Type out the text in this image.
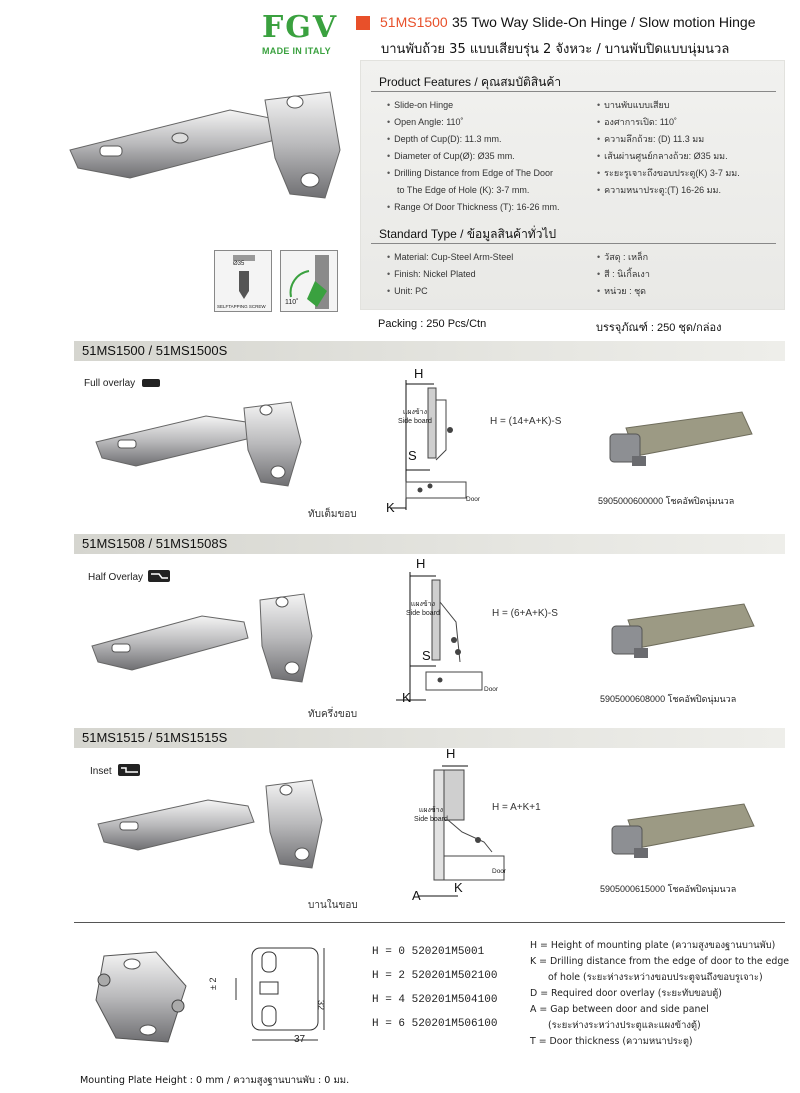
FGV
MADE IN ITALY
Ø35
SELFTAPPING SCREW
110˚
51MS1500 35 Two Way Slide-On Hinge / Slow motion Hinge
บานพับถ้วย 35 แบบเสียบรุ่น 2 จังหวะ / บานพับปิดแบบนุ่มนวล
Product Features / คุณสมบัติสินค้า
• Slide-on Hinge
• Open Angle: 110˚
• Depth of Cup(D): 11.3 mm.
• Diameter of Cup(Ø): Ø35 mm.
• Drilling Distance from Edge of The Door
to The Edge of Hole (K): 3-7 mm.
• Range Of Door Thickness (T): 16-26 mm.
• บานพับแบบเสียบ
• องศาการเปิด: 110˚
• ความลึกถ้วย: (D) 11.3 มม
• เส้นผ่านศูนย์กลางถ้วย: Ø35 มม.
• ระยะรูเจาะถึงขอบประตู(K) 3-7 มม.
• ความหนาประตู:(T) 16-26 มม.
Standard Type / ข้อมูลสินค้าทั่วไป
• Material: Cup-Steel Arm-Steel
• Finish: Nickel Plated
• Unit: PC
• วัสดุ : เหล็ก
• สี : นิเกิ้ลเงา
• หน่วย : ชุด
Packing : 250 Pcs/Ctn	บรรจุภัณฑ์ : 250 ชุด/กล่อง
51MS1500 / 51MS1500S
Full overlay
ทับเต็มขอบ
H
S
K
แผงข้าง
Side board
Door
H = (14+A+K)-S
5905000600000 โชคอัพปิดนุ่มนวล
51MS1508 / 51MS1508S
Half Overlay
ทับครึ่งขอบ
H
S
K
แผงข้าง
Side board
Door
H = (6+A+K)-S
5905000608000 โชคอัพปิดนุ่มนวล
51MS1515 / 51MS1515S
Inset
บานในขอบ
H
A
K
แผงข้าง
Side board
Door
H = A+K+1
5905000615000 โชคอัพปิดนุ่มนวล
± 2
32
37
H = 0 520201M5001
H = 2 520201M502100
H = 4 520201M504100
H = 6 520201M506100
H = Height of mounting plate (ความสูงของฐานบานพับ)
K = Drilling distance from the edge of door to the edge
of hole (ระยะห่างระหว่างขอบประตูจนถึงขอบรูเจาะ)
D = Required door overlay (ระยะทับขอบตู้)
A = Gap between door and side panel
(ระยะห่างระหว่างประตูและแผงข้างตู้)
T = Door thickness (ความหนาประตู)
Mounting Plate Height : 0 mm / ความสูงฐานบานพับ : 0 มม.
